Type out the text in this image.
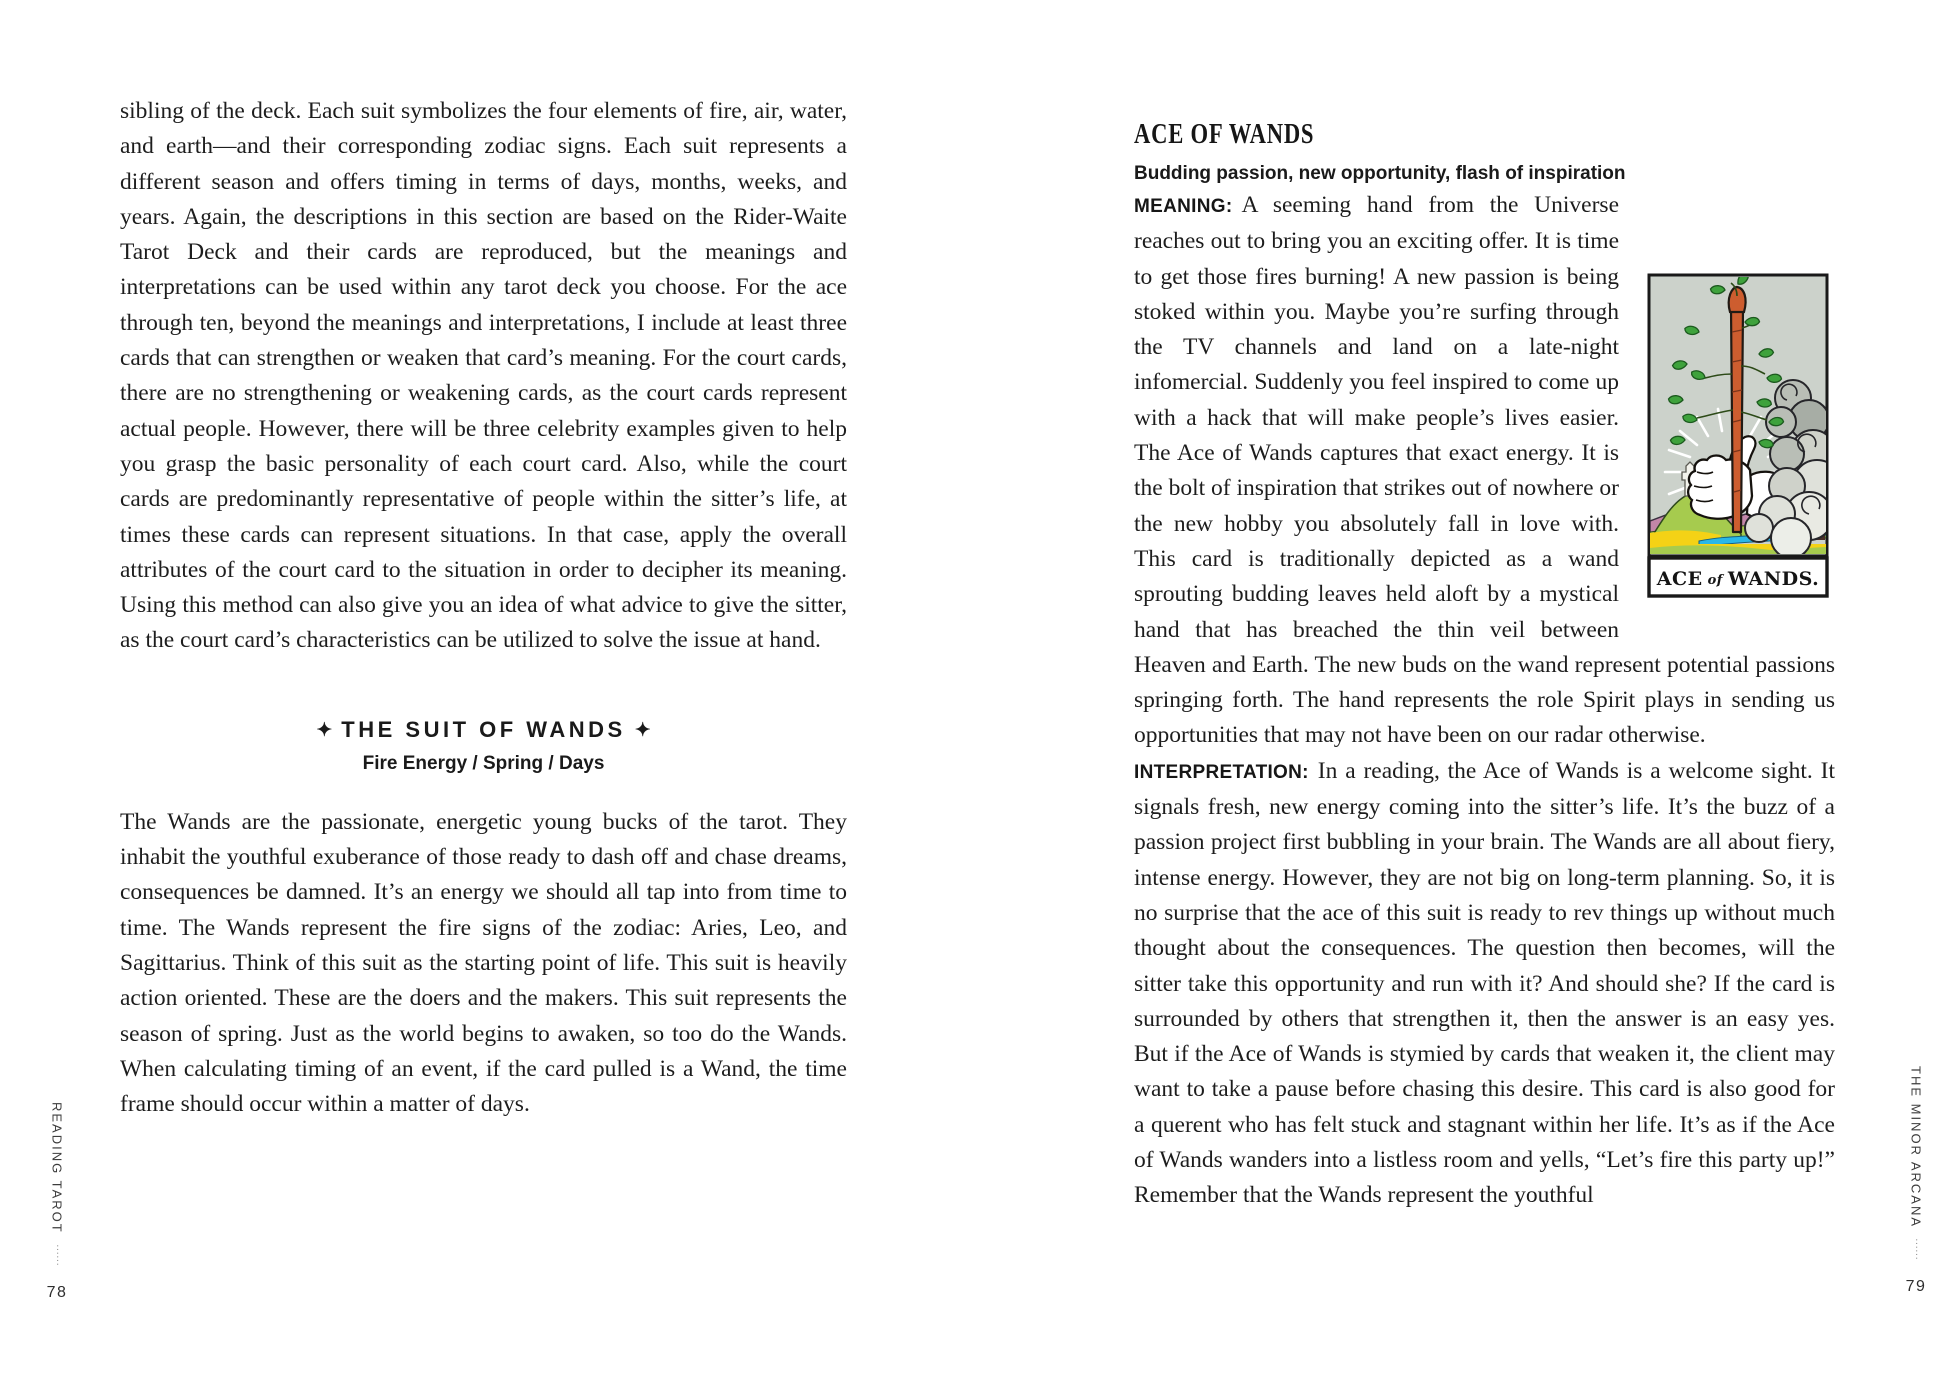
sibling of the deck. Each suit symbolizes the four elements of fire, air, water, and earth—and their corresponding zodiac signs. Each suit represents a different season and offers timing in terms of days, months, weeks, and years. Again, the descriptions in this section are based on the Rider-Waite Tarot Deck and their cards are reproduced, but the meanings and interpretations can be used within any tarot deck you choose. For the ace through ten, beyond the meanings and interpretations, I include at least three cards that can strengthen or weaken that card’s meaning. For the court cards, there are no strengthening or weakening cards, as the court cards represent actual people. However, there will be three celebrity examples given to help you grasp the basic personality of each court card. Also, while the court cards are predominantly representative of people within the sitter’s life, at times these cards can represent situations. In that case, apply the overall attributes of the court card to the situation in order to decipher its meaning. Using this method can also give you an idea of what advice to give the sitter, as the court card’s characteristics can be utilized to solve the issue at hand.

✦ THE SUIT OF WANDS ✦
Fire Energy / Spring / Days

The Wands are the passionate, energetic young bucks of the tarot. They inhabit the youthful exuberance of those ready to dash off and chase dreams, consequences be damned. It’s an energy we should all tap into from time to time. The Wands represent the fire signs of the zodiac: Aries, Leo, and Sagittarius. Think of this suit as the starting point of life. This suit is heavily action oriented. These are the doers and the makers. This suit represents the season of spring. Just as the world begins to awaken, so too do the Wands. When calculating timing of an event, if the card pulled is a Wand, the time frame should occur within a matter of days.

ACE OF WANDS
Budding passion, new opportunity, flash of inspiration

ACE of WANDS.
MEANING: A seeming hand from the Universe reaches out to bring you an exciting offer. It is time to get those fires burning! A new passion is being stoked within you. Maybe you’re surfing through the TV channels and land on a late-night infomercial. Suddenly you feel inspired to come up with a hack that will make people’s lives easier. The Ace of Wands captures that exact energy. It is the bolt of inspiration that strikes out of nowhere or the new hobby you absolutely fall in love with. This card is traditionally depicted as a wand sprouting budding leaves held aloft by a mystical hand that has breached the thin veil between Heaven and Earth. The new buds on the wand represent potential passions springing forth. The hand represents the role Spirit plays in sending us opportunities that may not have been on our radar otherwise.

INTERPRETATION: In a reading, the Ace of Wands is a welcome sight. It signals fresh, new energy coming into the sitter’s life. It’s the buzz of a passion project first bubbling in your brain. The Wands are all about fiery, intense energy. However, they are not big on long-term planning. So, it is no surprise that the ace of this suit is ready to rev things up without much thought about the consequences. The question then becomes, will the sitter take this opportunity and run with it? And should she? If the card is surrounded by others that strengthen it, then the answer is an easy yes. But if the Ace of Wands is stymied by cards that weaken it, the client may want to take a pause before chasing this desire. This card is also good for a querent who has felt stuck and stagnant within her life. It’s as if the Ace of Wands wanders into a listless room and yells, “Let’s fire this party up!” Remember that the Wands represent the youthful

READING TAROT
······
78
THE MINOR ARCANA
······
79
